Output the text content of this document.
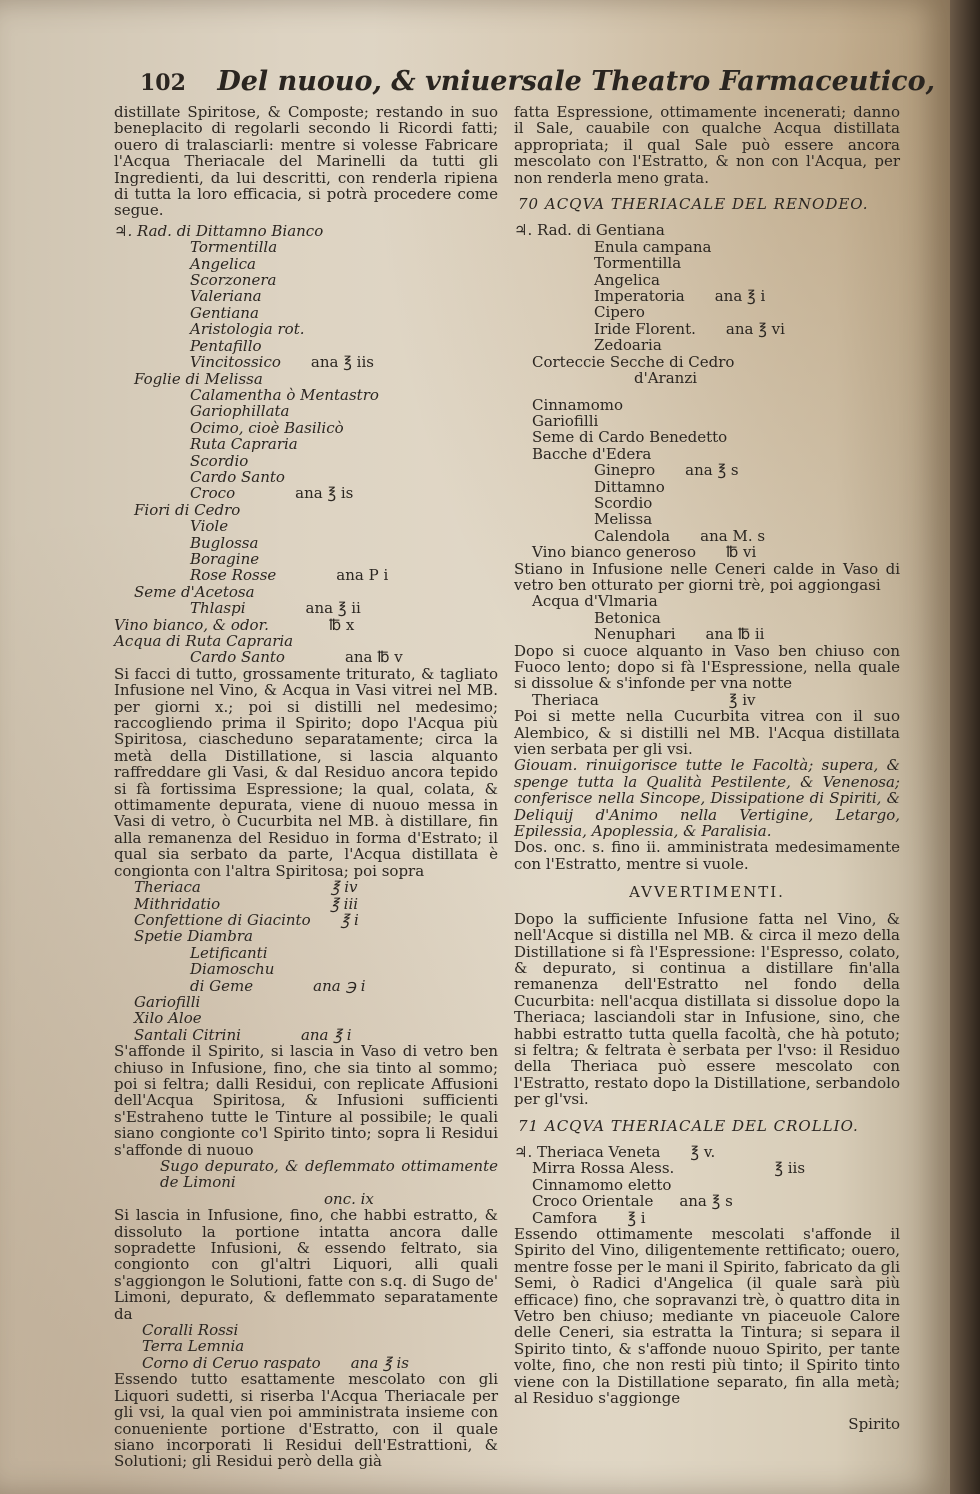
102 Del nuouo, & vniuersale Theatro Farmaceutico,
distillate Spiritose, & Composte; restando in suo beneplacito di regolarli secondo li Ricordi fatti; ouero di tralasciarli: mentre si volesse Fabricare l'Acqua Theriacale del Marinelli da tutti gli Ingredienti, da lui descritti, con renderla ripiena di tutta la loro efficacia, si potrà procedere come segue.
♃. Rad. di Dittamno Bianco
Tormentilla
Angelica
Scorzonera
Valeriana
Gentiana
Aristologia rot.
Pentafillo
Vincitossico ana ℥ iis
Foglie di Melissa
Calamentha ò Mentastro
Gariophillata
Ocimo, cioè Basilicò
Ruta Capraria
Scordio
Cardo Santo
Croco	ana ℥ is
Fiori di Cedro
Viole
Buglossa
Boragine
Rose Rosse	ana P i
Seme d'Acetosa
Thlaspi	ana ℥ ii
Vino bianco, & odor.	℔ x
Acqua di Ruta Capraria
Cardo Santo	ana ℔ v
Si facci di tutto, grossamente triturato, & tagliato Infusione nel Vino, & Acqua in Vasi vitrei nel MB. per giorni x.; poi si distilli nel medesimo; raccogliendo prima il Spirito; dopo l'Acqua più Spiritosa, ciascheduno separatamente; circa la metà della Distillatione, si lascia alquanto raffreddare gli Vasi, & dal Residuo ancora tepido si fà fortissima Espressione; la qual, colata, & ottimamente depurata, viene di nuouo messa in Vasi di vetro, ò Cucurbita nel MB. à distillare, fin alla remanenza del Residuo in forma d'Estrato; il qual sia serbato da parte, l'Acqua distillata è congionta con l'altra Spiritosa; poi sopra
Theriaca	℥ iv
Mithridatio	℥ iii
Confettione di Giacinto ℥ i
Spetie Diambra
Letificanti
Diamoschu
di Geme	ana ℈ i
Gariofilli
Xilo Aloe
Santali Citrini	ana ℥ i
S'affonde il Spirito, si lascia in Vaso di vetro ben chiuso in Infusione, fino, che sia tinto al sommo; poi si feltra; dalli Residui, con replicate Affusioni dell'Acqua Spiritosa, & Infusioni sufficienti s'Estraheno tutte le Tinture al possibile; le quali siano congionte co'l Spirito tinto; sopra li Residui s'affonde di nuouo
Sugo depurato, & deflemmato ottimamente de Limoni
onc. ix
Si lascia in Infusione, fino, che habbi estratto, & dissoluto la portione intatta ancora dalle sopradette Infusioni, & essendo feltrato, sia congionto con gl'altri Liquori, alli quali s'aggiongon le Solutioni, fatte con s.q. di Sugo de' Limoni, depurato, & deflemmato separatamente da
Coralli Rossi
Terra Lemnia
Corno di Ceruo raspato ana ℥ is
Essendo tutto esattamente mescolato con gli Liquori sudetti, si riserba l'Acqua Theriacale per gli vsi, la qual vien poi amministrata insieme con conueniente portione d'Estratto, con il quale siano incorporati li Residui dell'Estrattioni, & Solutioni; gli Residui però della già
fatta Espressione, ottimamente incenerati; danno il Sale, cauabile con qualche Acqua distillata appropriata; il qual Sale può essere ancora mescolato con l'Estratto, & non con l'Acqua, per non renderla meno grata.
70 ACQVA THERIACALE DEL RENODEO.
♃. Rad. di Gentiana
Enula campana
Tormentilla
Angelica
Imperatoria ana ℥ i
Cipero
Iride Florent. ana ℥ vi
Zedoaria
Corteccie Secche di Cedro
d'Aranzi
Cinnamomo
Gariofilli
Seme di Cardo Benedetto
Bacche d'Edera
Ginepro ana ℥ s
Dittamno
Scordio
Melissa
Calendola ana M. s
Vino bianco generoso ℔ vi
Stiano in Infusione nelle Ceneri calde in Vaso di vetro ben otturato per giorni trè, poi aggiongasi
Acqua d'Vlmaria
Betonica
Nenuphari ana ℔ ii
Dopo si cuoce alquanto in Vaso ben chiuso con Fuoco lento; dopo si fà l'Espressione, nella quale si dissolue & s'infonde per vna notte
Theriaca	℥ iv
Poi si mette nella Cucurbita vitrea con il suo Alembico, & si distilli nel MB. l'Acqua distillata vien serbata per gli vsi.
Giouam. rinuigorisce tutte le Facoltà; supera, & spenge tutta la Qualità Pestilente, & Venenosa; conferisce nella Sincope, Dissipatione di Spiriti, & Deliquij d'Animo nella Vertigine, Letargo, Epilessia, Apoplessia, & Paralisia.
Dos. onc. s. fino ii. amministrata medesimamente con l'Estratto, mentre si vuole.
AVVERTIMENTI.
Dopo la sufficiente Infusione fatta nel Vino, & nell'Acque si distilla nel MB. & circa il mezo della Distillatione si fà l'Espressione: l'Espresso, colato, & depurato, si continua a distillare fin'alla remanenza dell'Estratto nel fondo della Cucurbita: nell'acqua distillata si dissolue dopo la Theriaca; lasciandoli star in Infusione, sino, che habbi estratto tutta quella facoltà, che hà potuto; si feltra; & feltrata è serbata per l'vso: il Residuo della Theriaca può essere mescolato con l'Estratto, restato dopo la Distillatione, serbandolo per gl'vsi.
71 ACQVA THERIACALE DEL CROLLIO.
♃. Theriaca Veneta ℥ v.
Mirra Rossa Aless.	℥ iis
Cinnamomo eletto
Croco Orientale ana ℥ s
Camfora ℥ i
Essendo ottimamente mescolati s'affonde il Spirito del Vino, diligentemente rettificato; ouero, mentre fosse per le mani il Spirito, fabricato da gli Semi, ò Radici d'Angelica (il quale sarà più efficace) fino, che sopravanzi trè, ò quattro dita in Vetro ben chiuso; mediante vn piaceuole Calore delle Ceneri, sia estratta la Tintura; si separa il Spirito tinto, & s'affonde nuouo Spirito, per tante volte, fino, che non resti più tinto; il Spirito tinto viene con la Distillatione separato, fin alla metà; al Residuo s'aggionge
Spirito
